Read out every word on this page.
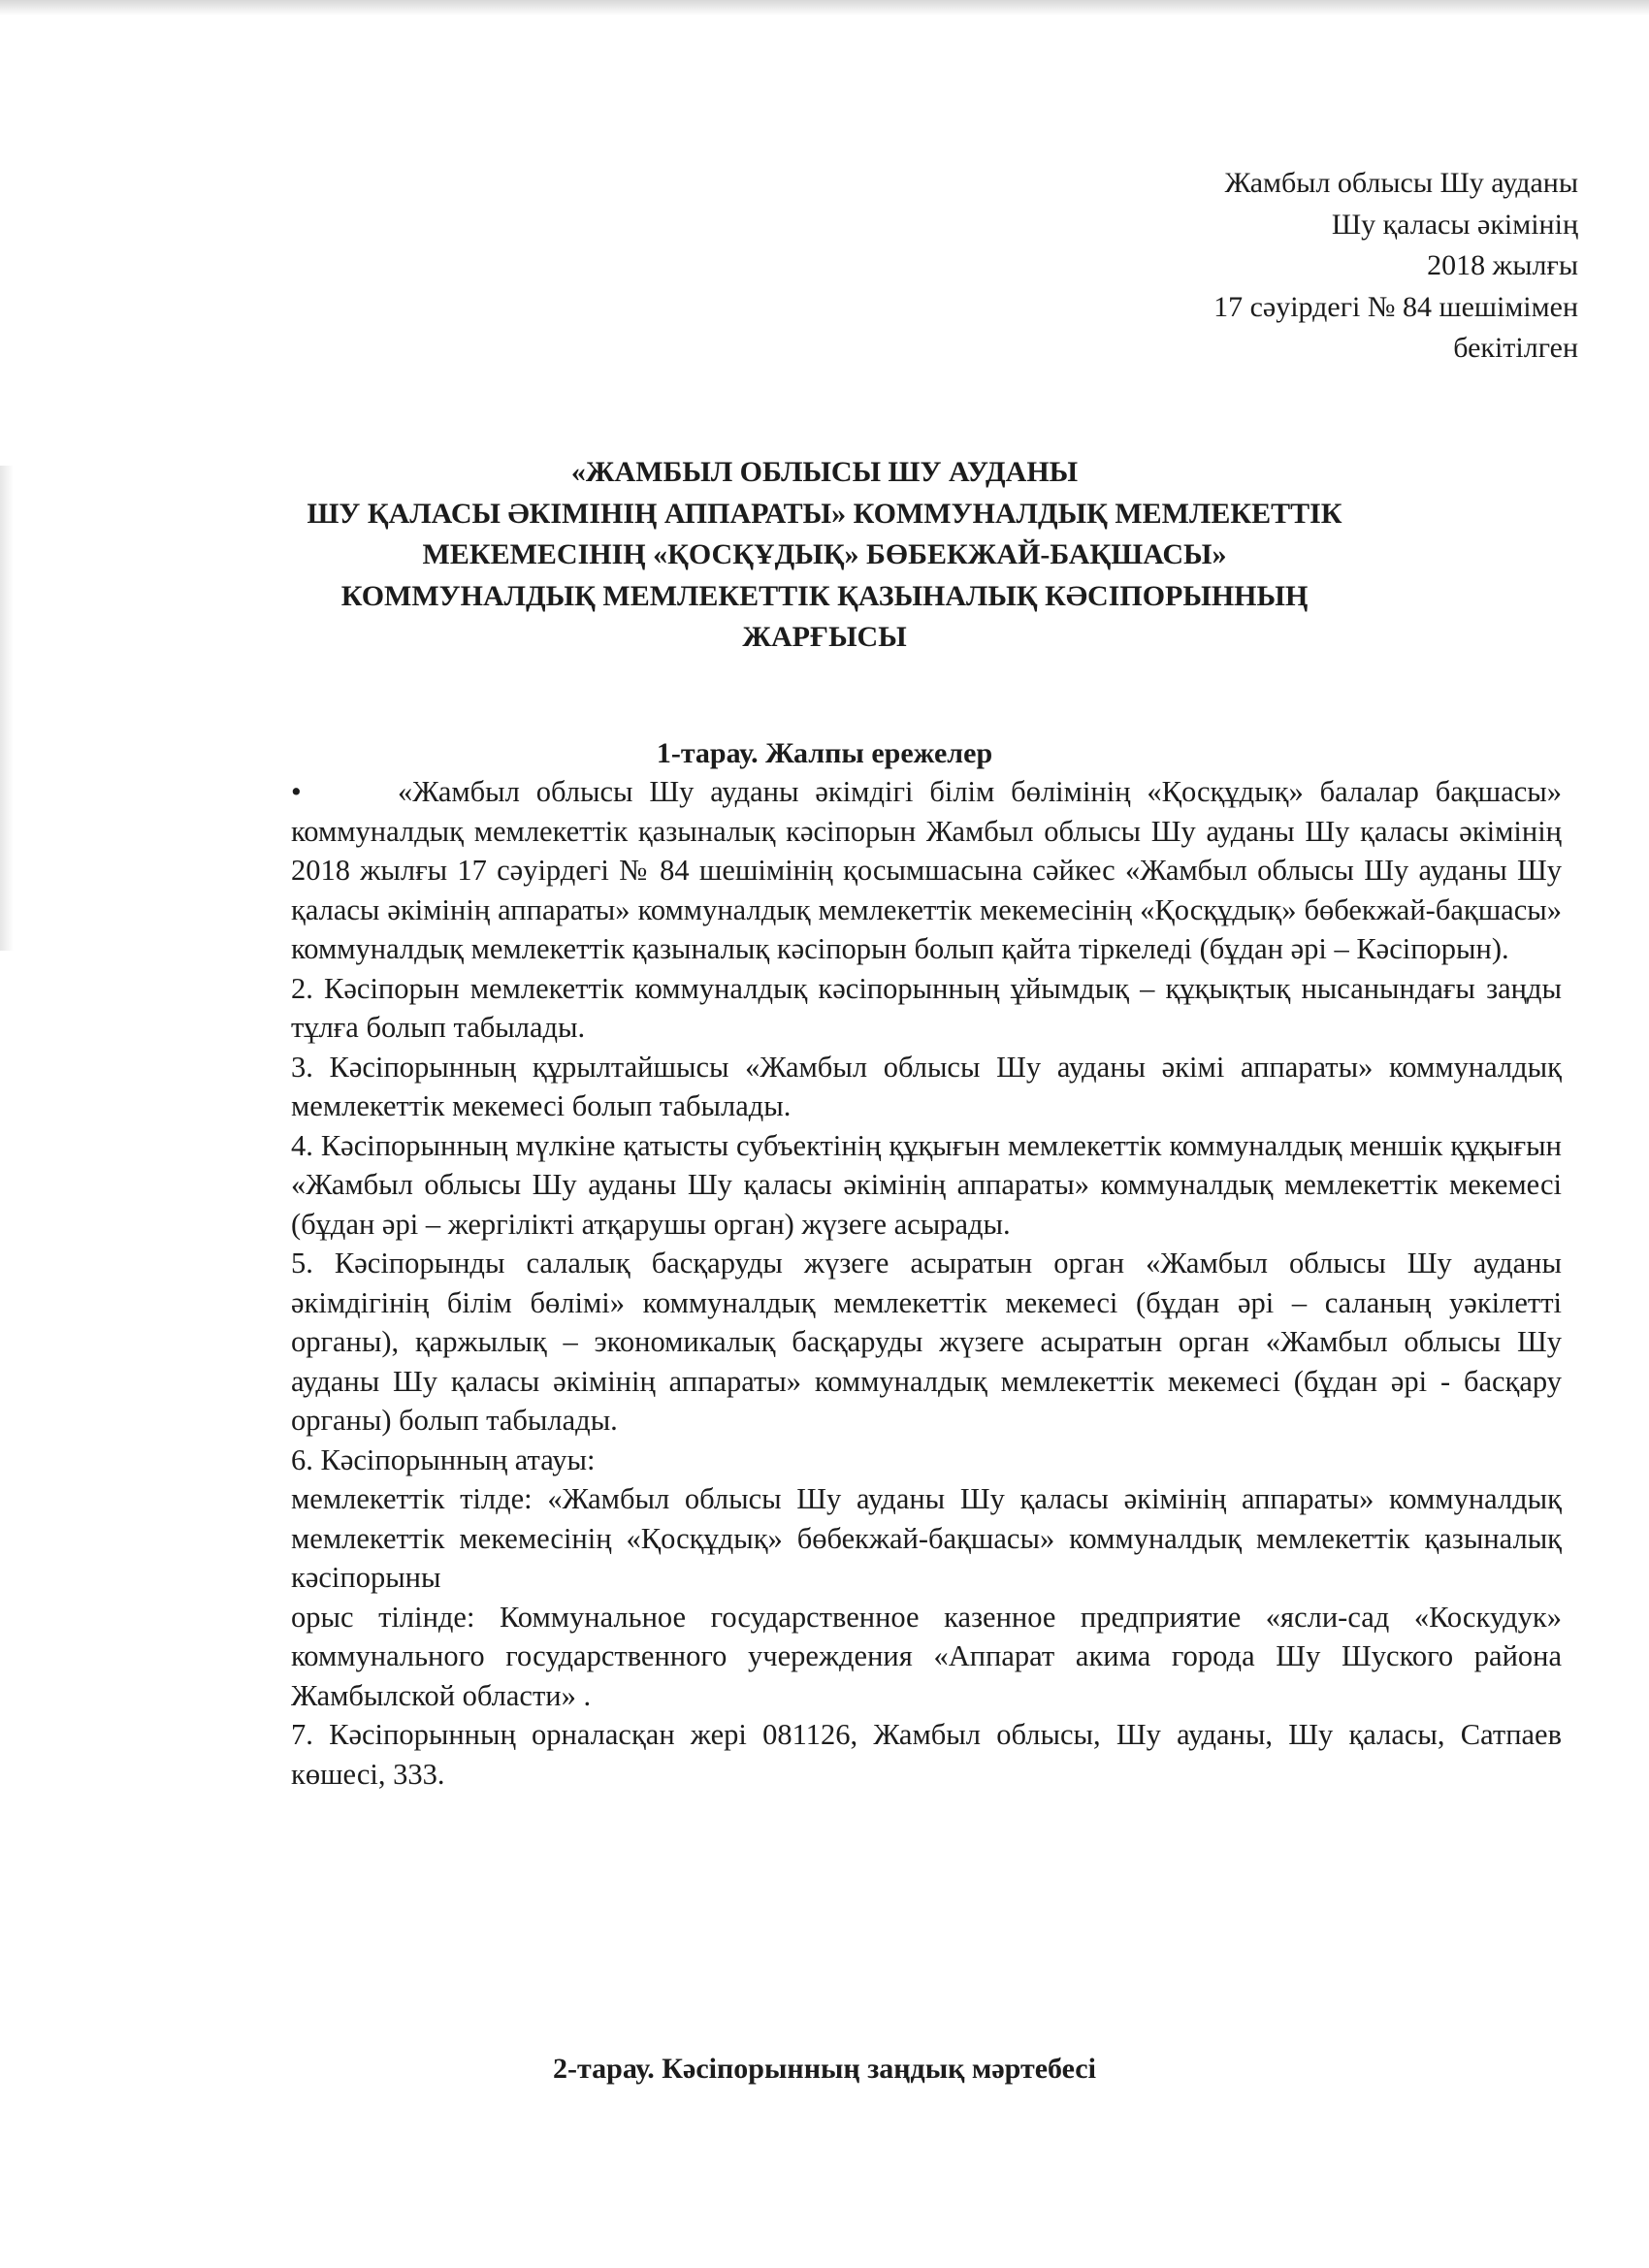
Жамбыл облысы Шу ауданы
Шу қаласы әкімінің
2018 жылғы
17 сәуірдегі № 84 шешімімен
бекітілген
«ЖАМБЫЛ ОБЛЫСЫ ШУ АУДАНЫ
ШУ ҚАЛАСЫ ӘКІМІНІҢ АППАРАТЫ» КОММУНАЛДЫҚ МЕМЛЕКЕТТІК
МЕКЕМЕСІНІҢ «ҚОСҚҰДЫҚ» БӨБЕКЖАЙ-БАҚШАСЫ»
КОММУНАЛДЫҚ МЕМЛЕКЕТТІК ҚАЗЫНАЛЫҚ КӘСІПОРЫННЫҢ
ЖАРҒЫСЫ
1-тарау. Жалпы ережелер

•	«Жамбыл облысы Шу ауданы әкімдігі білім бөлімінің «Қосқұдық» балалар бақшасы» коммуналдық мемлекеттік қазыналық кәсіпорын Жамбыл облысы Шу ауданы Шу қаласы әкімінің 2018 жылғы 17 сәуірдегі № 84 шешімінің қосымшасына сәйкес «Жамбыл облысы Шу ауданы Шу қаласы әкімінің аппараты» коммуналдық мемлекеттік мекемесінің «Қосқұдық» бөбекжай-бақшасы» коммуналдық мемлекеттік қазыналық кәсіпорын болып қайта тіркеледі (бұдан әрі – Кәсіпорын).

2. Кәсіпорын мемлекеттік коммуналдық кәсіпорынның ұйымдық – құқықтық нысанындағы заңды тұлға болып табылады.

3. Кәсіпорынның құрылтайшысы «Жамбыл облысы Шу ауданы әкімі аппараты» коммуналдық мемлекеттік мекемесі болып табылады.

4. Кәсіпорынның мүлкіне қатысты субъектінің құқығын мемлекеттік коммуналдық меншік құқығын «Жамбыл облысы Шу ауданы Шу қаласы әкімінің аппараты» коммуналдық мемлекеттік мекемесі (бұдан әрі – жергілікті атқарушы орган) жүзеге асырады.

5. Кәсіпорынды салалық басқаруды жүзеге асыратын орган «Жамбыл облысы Шу ауданы әкімдігінің білім бөлімі» коммуналдық мемлекеттік мекемесі (бұдан әрі – саланың уәкілетті органы), қаржылық – экономикалық басқаруды жүзеге асыратын орган «Жамбыл облысы Шу ауданы Шу қаласы әкімінің аппараты» коммуналдық мемлекеттік мекемесі (бұдан әрі - басқару органы) болып табылады.

6. Кәсіпорынның атауы:

мемлекеттік тілде: «Жамбыл облысы Шу ауданы Шу қаласы әкімінің аппараты» коммуналдық мемлекеттік мекемесінің «Қосқұдық» бөбекжай-бақшасы» коммуналдық мемлекеттік қазыналық кәсіпорыны

орыс тілінде: Коммунальное государственное казенное предприятие «ясли-сад «Коскудук» коммунального государственного учереждения «Аппарат акима города Шу Шуского района Жамбылской области» .

7. Кәсіпорынның орналасқан жері 081126, Жамбыл облысы, Шу ауданы, Шу қаласы, Сатпаев көшесі, 333.

2-тарау. Кәсіпорынның заңдық мәртебесі
